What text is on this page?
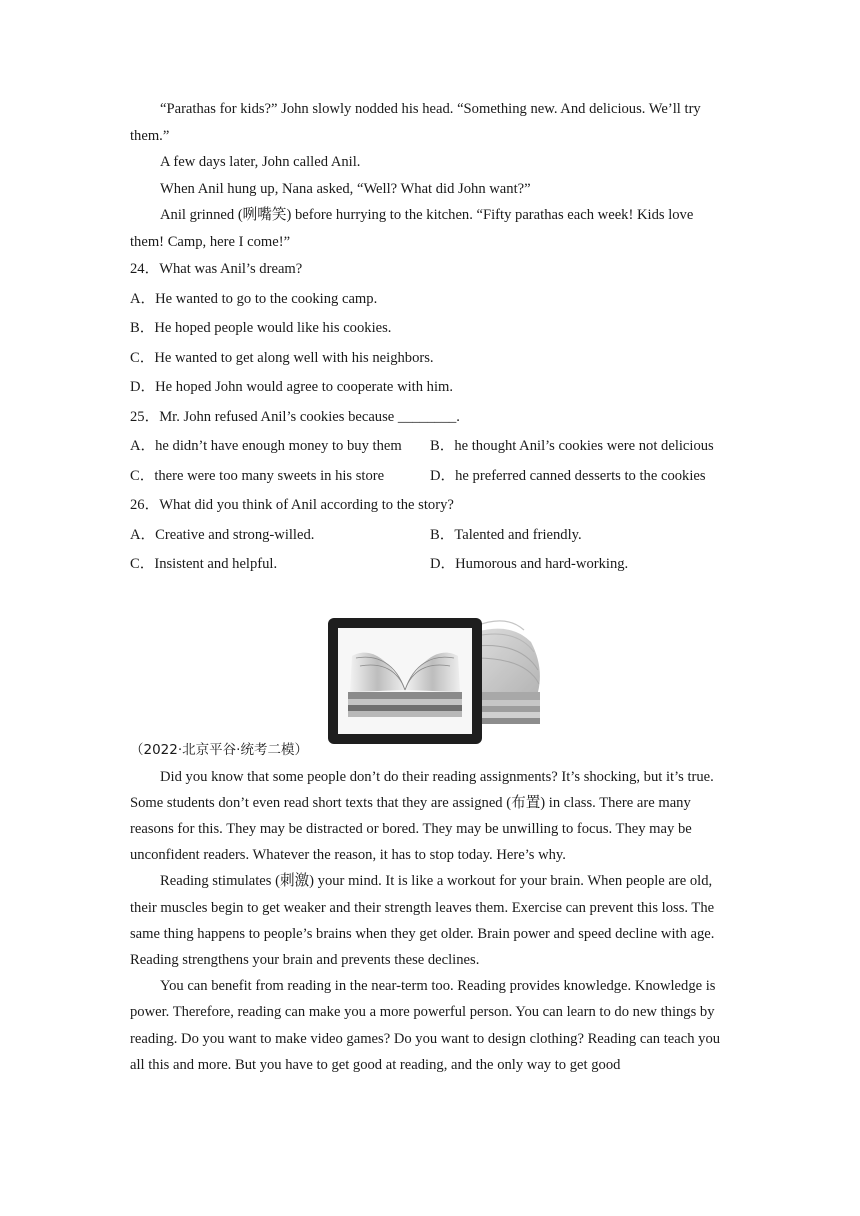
“Parathas for kids?” John slowly nodded his head. “Something new. And delicious. We’ll try them.”

A few days later, John called Anil.

When Anil hung up, Nana asked, “Well? What did John want?”

Anil grinned (咧嘴笑) before hurrying to the kitchen. “Fifty parathas each week! Kids love them! Camp, here I come!”

24．What was Anil’s dream?

A．He wanted to go to the cooking camp.

B．He hoped people would like his cookies.

C．He wanted to get along well with his neighbors.

D．He hoped John would agree to cooperate with him.

25．Mr. John refused Anil’s cookies because ________.

A．he didn’t have enough money to buy them	B．he thought Anil’s cookies were not delicious
C．there were too many sweets in his store	D．he preferred canned desserts to the cookies

26．What did you think of Anil according to the story?

A．Creative and strong-willed.	B．Talented and friendly.
C．Insistent and helpful.	D．Humorous and hard-working.
（2022·北京平谷·统考二模）

Did you know that some people don’t do their reading assignments? It’s shocking, but it’s true. Some students don’t even read short texts that they are assigned (布置) in class. There are many reasons for this. They may be distracted or bored. They may be unwilling to focus. They may be unconfident readers. Whatever the reason, it has to stop today. Here’s why.

Reading stimulates (刺激) your mind. It is like a workout for your brain. When people are old, their muscles begin to get weaker and their strength leaves them. Exercise can prevent this loss. The same thing happens to people’s brains when they get older. Brain power and speed decline with age. Reading strengthens your brain and prevents these declines.

You can benefit from reading in the near-term too. Reading provides knowledge. Knowledge is power. Therefore, reading can make you a more powerful person. You can learn to do new things by reading. Do you want to make video games? Do you want to design clothing? Reading can teach you all this and more. But you have to get good at reading, and the only way to get good
